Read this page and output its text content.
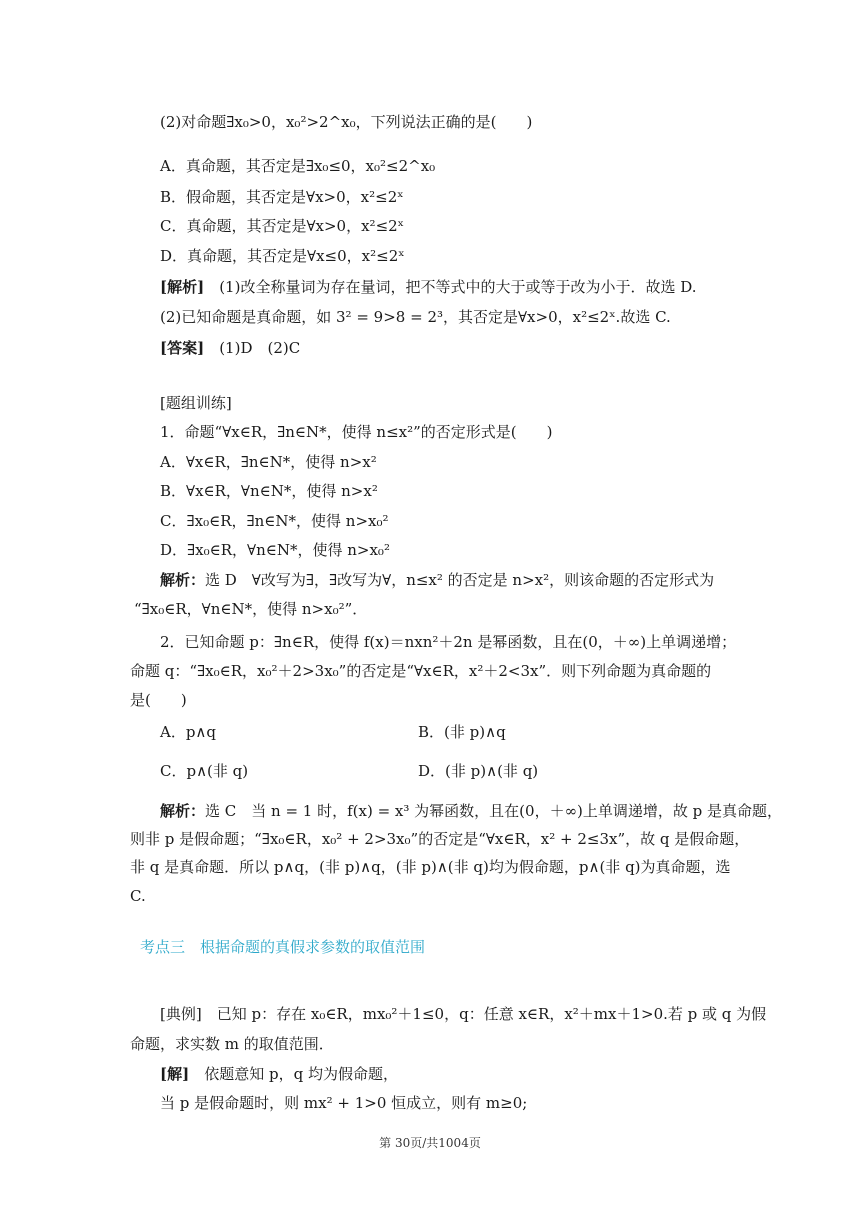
(2)对命题∃x₀>0，x₀²>2^x₀，下列说法正确的是(　　)
A．真命题，其否定是∃x₀≤0，x₀²≤2^x₀
B．假命题，其否定是∀x>0，x²≤2ˣ
C．真命题，其否定是∀x>0，x²≤2ˣ
D．真命题，其否定是∀x≤0，x²≤2ˣ
[解析]　(1)改全称量词为存在量词，把不等式中的大于或等于改为小于．故选 D.
(2)已知命题是真命题，如 3² = 9>8 = 2³，其否定是∀x>0，x²≤2ˣ.故选 C.
[答案]　(1)D　(2)C
[题组训练]
1．命题“∀x∈R，∃n∈N*，使得 n≤x²”的否定形式是(　　)
A．∀x∈R，∃n∈N*，使得 n>x²
B．∀x∈R，∀n∈N*，使得 n>x²
C．∃x₀∈R，∃n∈N*，使得 n>x₀²
D．∃x₀∈R，∀n∈N*，使得 n>x₀²
解析：选 D　∀改写为∃，∃改写为∀，n≤x² 的否定是 n>x²，则该命题的否定形式为
“∃x₀∈R，∀n∈N*，使得 n>x₀²”．
2．已知命题 p：∃n∈R，使得 f(x)＝nxn²＋2n 是幂函数，且在(0，＋∞)上单调递增；
命题 q：“∃x₀∈R，x₀²＋2>3x₀”的否定是“∀x∈R，x²＋2<3x”．则下列命题为真命题的
是(　　)
A．p∧q	B．(非 p)∧q
C．p∧(非 q)	D．(非 p)∧(非 q)
解析：选 C　当 n = 1 时，f(x) = x³ 为幂函数，且在(0，＋∞)上单调递增，故 p 是真命题，
则非 p 是假命题；“∃x₀∈R，x₀² + 2>3x₀”的否定是“∀x∈R，x² + 2≤3x”，故 q 是假命题，
非 q 是真命题．所以 p∧q，(非 p)∧q，(非 p)∧(非 q)均为假命题，p∧(非 q)为真命题，选
C.
考点三　根据命题的真假求参数的取值范围
[典例]　已知 p：存在 x₀∈R，mx₀²＋1≤0，q：任意 x∈R，x²＋mx＋1>0.若 p 或 q 为假
命题，求实数 m 的取值范围．
[解]　依题意知 p，q 均为假命题，
当 p 是假命题时，则 mx² + 1>0 恒成立，则有 m≥0;
第 30页/共1004页
